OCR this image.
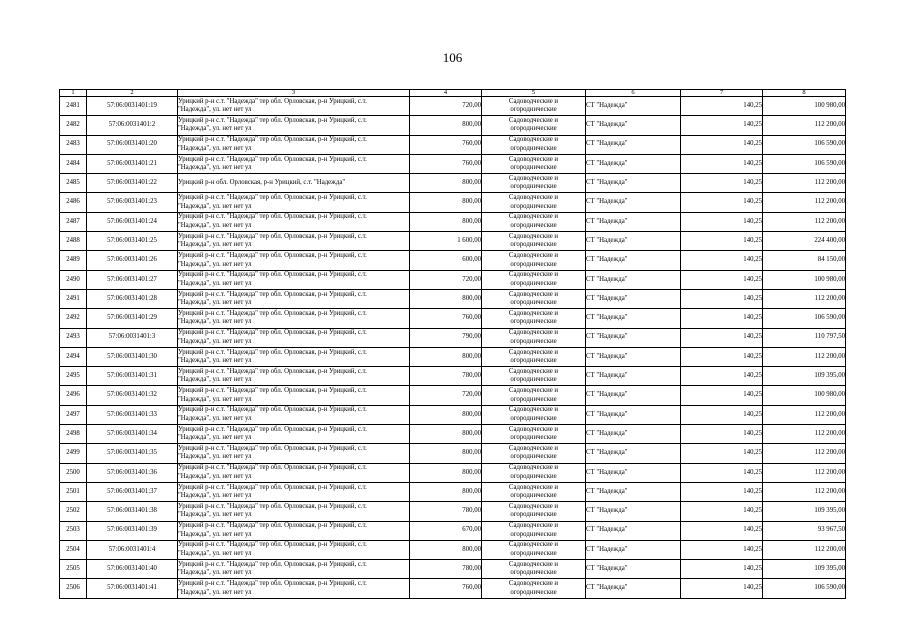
106
1	2	3	4	5	6	7	8
2481	57:06:0031401:19	Урицкий р-н с.т. "Надежда" тер обл. Орловская, р-н Урицкий, с.т.
"Надежда", ул. нет нет ул	720,00	Садоводческие и
огороднические	СТ "Надежда"	140,25	100 980,00
2482	57:06:0031401:2	Урицкий р-н с.т. "Надежда" тер обл. Орловская, р-н Урицкий, с.т.
"Надежда", ул. нет нет ул	800,00	Садоводческие и
огороднические	СТ "Надежда"	140,25	112 200,00
2483	57:06:0031401:20	Урицкий р-н с.т. "Надежда" тер обл. Орловская, р-н Урицкий, с.т.
"Надежда", ул. нет нет ул	760,00	Садоводческие и
огороднические	СТ "Надежда"	140,25	106 590,00
2484	57:06:0031401:21	Урицкий р-н с.т. "Надежда" тер обл. Орловская, р-н Урицкий, с.т.
"Надежда", ул. нет нет ул	760,00	Садоводческие и
огороднические	СТ "Надежда"	140,25	106 590,00
2485	57:06:0031401:22	Урицкий р-н обл. Орловская, р-н Урицкий, с.т. "Надежда"	800,00	Садоводческие и
огороднические	СТ "Надежда"	140,25	112 200,00
2486	57:06:0031401:23	Урицкий р-н с.т. "Надежда" тер обл. Орловская, р-н Урицкий, с.т.
"Надежда", ул. нет нет ул	800,00	Садоводческие и
огороднические	СТ "Надежда"	140,25	112 200,00
2487	57:06:0031401:24	Урицкий р-н с.т. "Надежда" тер обл. Орловская, р-н Урицкий, с.т.
"Надежда", ул. нет нет ул	800,00	Садоводческие и
огороднические	СТ "Надежда"	140,25	112 200,00
2488	57:06:0031401:25	Урицкий р-н с.т. "Надежда" тер обл. Орловская, р-н Урицкий, с.т.
"Надежда", ул. нет нет ул	1 600,00	Садоводческие и
огороднические	СТ "Надежда"	140,25	224 400,00
2489	57:06:0031401:26	Урицкий р-н с.т. "Надежда" тер обл. Орловская, р-н Урицкий, с.т.
"Надежда", ул. нет нет ул	600,00	Садоводческие и
огороднические	СТ "Надежда"	140,25	84 150,00
2490	57:06:0031401:27	Урицкий р-н с.т. "Надежда" тер обл. Орловская, р-н Урицкий, с.т.
"Надежда", ул. нет нет ул	720,00	Садоводческие и
огороднические	СТ "Надежда"	140,25	100 980,00
2491	57:06:0031401:28	Урицкий р-н с.т. "Надежда" тер обл. Орловская, р-н Урицкий, с.т.
"Надежда", ул. нет нет ул	800,00	Садоводческие и
огороднические	СТ "Надежда"	140,25	112 200,00
2492	57:06:0031401:29	Урицкий р-н с.т. "Надежда" тер обл. Орловская, р-н Урицкий, с.т.
"Надежда", ул. нет нет ул	760,00	Садоводческие и
огороднические	СТ "Надежда"	140,25	106 590,00
2493	57:06:0031401:3	Урицкий р-н с.т. "Надежда" тер обл. Орловская, р-н Урицкий, с.т.
"Надежда", ул. нет нет ул	790,00	Садоводческие и
огороднические	СТ "Надежда"	140,25	110 797,50
2494	57:06:0031401:30	Урицкий р-н с.т. "Надежда" тер обл. Орловская, р-н Урицкий, с.т.
"Надежда", ул. нет нет ул	800,00	Садоводческие и
огороднические	СТ "Надежда"	140,25	112 200,00
2495	57:06:0031401:31	Урицкий р-н с.т. "Надежда" тер обл. Орловская, р-н Урицкий, с.т.
"Надежда", ул. нет нет ул	780,00	Садоводческие и
огороднические	СТ "Надежда"	140,25	109 395,00
2496	57:06:0031401:32	Урицкий р-н с.т. "Надежда" тер обл. Орловская, р-н Урицкий, с.т.
"Надежда", ул. нет нет ул	720,00	Садоводческие и
огороднические	СТ "Надежда"	140,25	100 980,00
2497	57:06:0031401:33	Урицкий р-н с.т. "Надежда" тер обл. Орловская, р-н Урицкий, с.т.
"Надежда", ул. нет нет ул	800,00	Садоводческие и
огороднические	СТ "Надежда"	140,25	112 200,00
2498	57:06:0031401:34	Урицкий р-н с.т. "Надежда" тер обл. Орловская, р-н Урицкий, с.т.
"Надежда", ул. нет нет ул	800,00	Садоводческие и
огороднические	СТ "Надежда"	140,25	112 200,00
2499	57:06:0031401:35	Урицкий р-н с.т. "Надежда" тер обл. Орловская, р-н Урицкий, с.т.
"Надежда", ул. нет нет ул	800,00	Садоводческие и
огороднические	СТ "Надежда"	140,25	112 200,00
2500	57:06:0031401:36	Урицкий р-н с.т. "Надежда" тер обл. Орловская, р-н Урицкий, с.т.
"Надежда", ул. нет нет ул	800,00	Садоводческие и
огороднические	СТ "Надежда"	140,25	112 200,00
2501	57:06:0031401:37	Урицкий р-н с.т. "Надежда" тер обл. Орловская, р-н Урицкий, с.т.
"Надежда", ул. нет нет ул	800,00	Садоводческие и
огороднические	СТ "Надежда"	140,25	112 200,00
2502	57:06:0031401:38	Урицкий р-н с.т. "Надежда" тер обл. Орловская, р-н Урицкий, с.т.
"Надежда", ул. нет нет ул	780,00	Садоводческие и
огороднические	СТ "Надежда"	140,25	109 395,00
2503	57:06:0031401:39	Урицкий р-н с.т. "Надежда" тер обл. Орловская, р-н Урицкий, с.т.
"Надежда", ул. нет нет ул	670,00	Садоводческие и
огороднические	СТ "Надежда"	140,25	93 967,50
2504	57:06:0031401:4	Урицкий р-н с.т. "Надежда" тер обл. Орловская, р-н Урицкий, с.т.
"Надежда", ул. нет нет ул	800,00	Садоводческие и
огороднические	СТ "Надежда"	140,25	112 200,00
2505	57:06:0031401:40	Урицкий р-н с.т. "Надежда" тер обл. Орловская, р-н Урицкий, с.т.
"Надежда", ул. нет нет ул	780,00	Садоводческие и
огороднические	СТ "Надежда"	140,25	109 395,00
2506	57:06:0031401:41	Урицкий р-н с.т. "Надежда" тер обл. Орловская, р-н Урицкий, с.т.
"Надежда", ул. нет нет ул	760,00	Садоводческие и
огороднические	СТ "Надежда"	140,25	106 590,00
